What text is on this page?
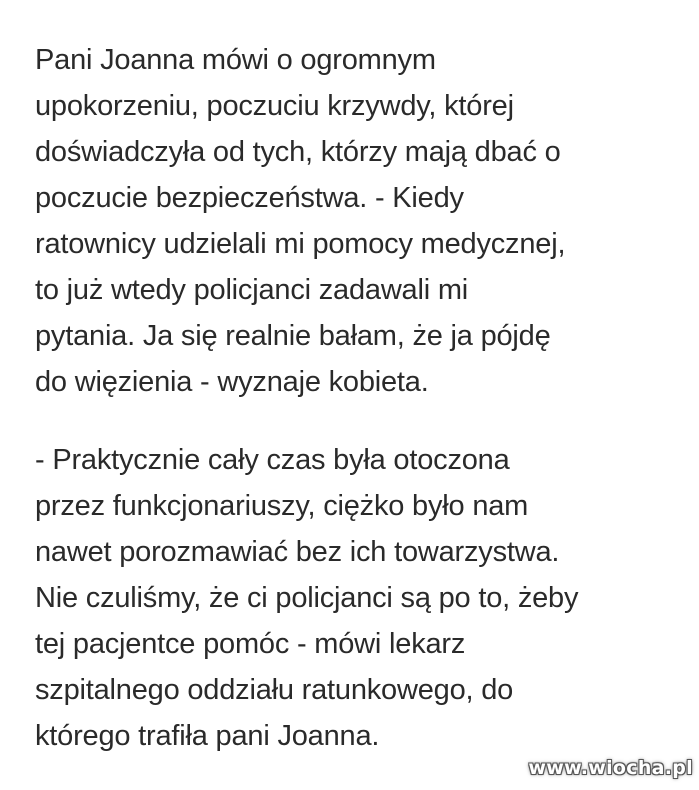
Pani Joanna mówi o ogromnym
upokorzeniu, poczuciu krzywdy, której
doświadczyła od tych, którzy mają dbać o
poczucie bezpieczeństwa. - Kiedy
ratownicy udzielali mi pomocy medycznej,
to już wtedy policjanci zadawali mi
pytania. Ja się realnie bałam, że ja pójdę
do więzienia - wyznaje kobieta.

- Praktycznie cały czas była otoczona
przez funkcjonariuszy, ciężko było nam
nawet porozmawiać bez ich towarzystwa.
Nie czuliśmy, że ci policjanci są po to, żeby
tej pacjentce pomóc - mówi lekarz
szpitalnego oddziału ratunkowego, do
którego trafiła pani Joanna.

www.wiocha.pl
